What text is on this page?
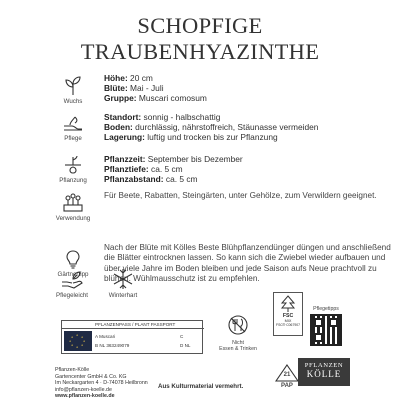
SCHOPFIGE
TRAUBENHYAZINTHE
Wuchs
Höhe: 20 cm
Blüte: Mai - Juli
Gruppe: Muscari comosum
Pflege
Standort: sonnig - halbschattig
Boden: durchlässig, nährstoffreich, Stäunasse vermeiden
Lagerung: luftig und trocken bis zur Pflanzung
Pflanzung
Pflanzzeit: September bis Dezember
Pflanztiefe: ca. 5 cm
Pflanzabstand: ca. 5 cm
Verwendung
Für Beete, Rabatten, Steingärten, unter Gehölze, zum Verwildern geeignet.
Gärtnertipp
Nach der Blüte mit Kölles Beste Blühpflanzendünger düngen und anschließend die Blätter eintrocknen lassen. So kann sich die Zwiebel wieder aufbauen und über viele Jahre im Boden bleiben und jede Saison aufs Neue prachtvoll zu blühen. Wühlmausschutz ist zu empfehlen.
Pflegeleicht	Winterhart
PFLANZENPASS / PLANT PASSPORT
★
★
★
★
★
★
★
★	A Muscari
B NL 363249079
C
D NL	Nicht
Essen & Trinken
FSC
MIX
FSC® C067907
21
PAP
Pflegetipps
Pflanzen-Kölle
Gartencenter GmbH & Co. KG
Im Neckargarten 4 · D-74078 Heilbronn
info@pflanzen-koelle.de
www.pflanzen-koelle.de
Aus Kulturmaterial vermehrt.
PFLANZEN
KÖLLE
